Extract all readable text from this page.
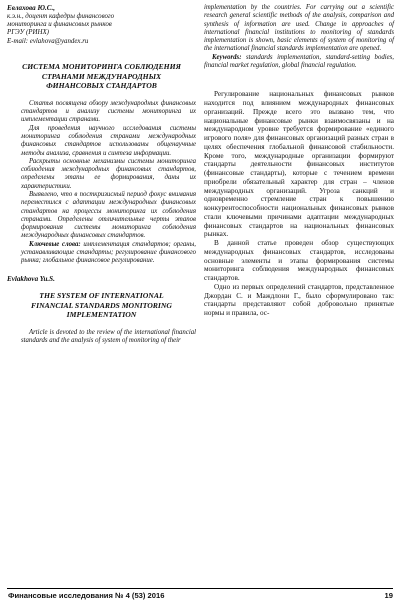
Евлахова Ю.С.,

к.э.н., доцент кафедры финансового

мониторинга и финансовых рынков

РГЭУ (РИНХ)

E-mail: evlahova@yandex.ru

СИСТЕМА МОНИТОРИНГА СОБЛЮДЕНИЯ СТРАНАМИ МЕЖДУНАРОДНЫХ ФИНАНСОВЫХ СТАНДАРТОВ

Статья посвящена обзору международных финансовых стандартов и анализу системы мониторинга их имплементации странами.

Для проведения научного исследования системы мониторинга соблюдения странами международных финансовых стандартов использованы общенаучные методы анализа, сравнения и синтеза информации.

Раскрыты основные механизмы системы мониторинга соблюдения международных финансовых стандартов, определены этапы ее формирования, даны их характеристики.

Выявлено, что в посткризисный период фокус внимания переместился с адаптации международных финансовых стандартов на процессы мониторинга их соблюдения странами. Определены отличительные черты этапов формирования системы мониторинга соблюдения международных финансовых стандартов.

Ключевые слова: имплементация стандартов; органы, устанавливающие стандарты; регулирование финансового рынка; глобальное финансовое регулирование.

Evlakhova Yu.S.

THE SYSTEM OF INTERNATIONAL FINANCIAL STANDARDS MONITORING IMPLEMENTATION

Article is devoted to the review of the international financial standards and the analysis of system of monitoring of their

implementation by the countries. For carrying out a scientific research general scientific methods of the analysis, comparison and synthesis of information are used. Change in approaches of international financial institutions to monitoring of standards implementation is shown, basic elements of system of monitoring of the international financial standards implementation are opened.

Keywords: standards implementation, standard-setting bodies, financial market regulation, global financial regulation.

Регулирование национальных финансовых рынков находится под влиянием международных финансовых организаций. Прежде всего это вызвано тем, что национальные финансовые рынки взаимосвязаны и на международном уровне требуется формирование «единого игрового поля» для финансовых организаций разных стран в целях обеспечения глобальной финансовой стабильности. Кроме того, международные организации формируют стандарты деятельности финансовых институтов (финансовые стандарты), которые с течением времени приобрели обязательный характер для стран – членов международных организаций. Угроза санкций и одновременно стремление стран к повышению конкурентоспособности национальных финансовых рынков стали ключевыми причинами адаптации международных финансовых стандартов на национальных финансовых рынках.

В данной статье проведен обзор существующих международных финансовых стандартов, исследованы основные элементы и этапы формирования системы мониторинга соблюдения международных финансовых стандартов.

Одно из первых определений стандартов, представленное Джордан С. и Маждлони Г., было сформулировано так: стандарты представляют собой добровольно принятые нормы и правила, ос-

Финансовые исследования № 4 (53) 2016	19
